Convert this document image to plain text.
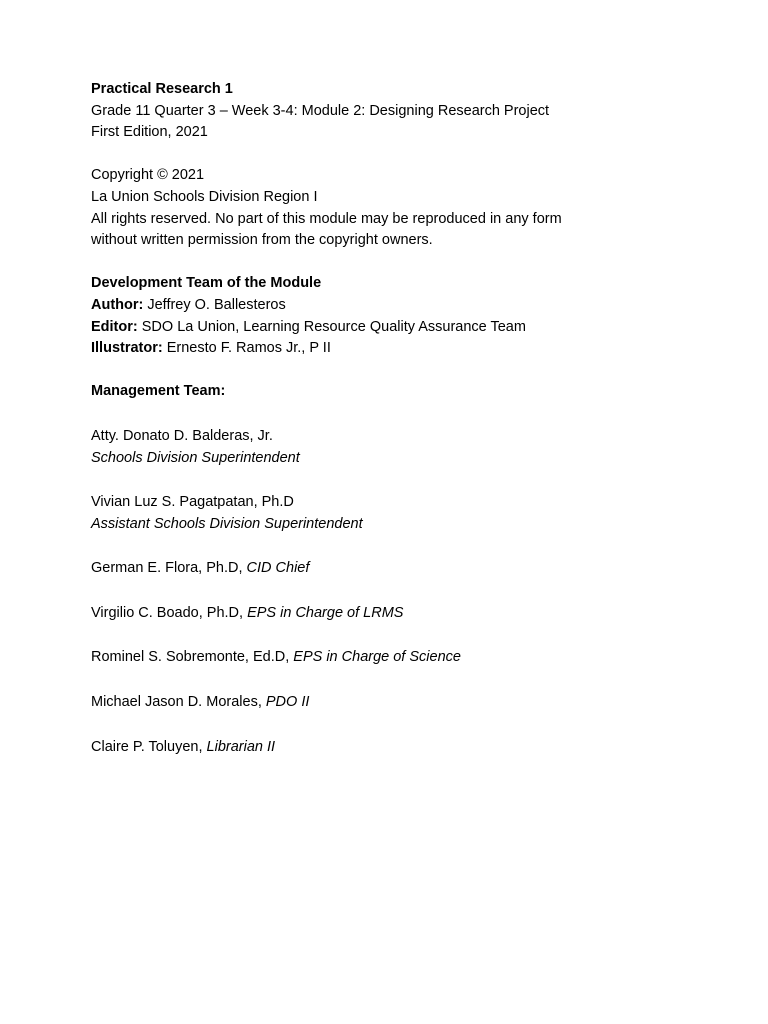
Practical Research 1

Grade 11 Quarter 3 – Week 3-4: Module 2: Designing Research Project

First Edition, 2021

Copyright © 2021

La Union Schools Division Region I

All rights reserved. No part of this module may be reproduced in any form

without written permission from the copyright owners.

Development Team of the Module

Author: Jeffrey O. Ballesteros

Editor: SDO La Union, Learning Resource Quality Assurance Team

Illustrator: Ernesto F. Ramos Jr., P II

Management Team:

Atty. Donato D. Balderas, Jr.

Schools Division Superintendent

Vivian Luz S. Pagatpatan, Ph.D

Assistant Schools Division Superintendent

German E. Flora, Ph.D, CID Chief

Virgilio C. Boado, Ph.D, EPS in Charge of LRMS

Rominel S. Sobremonte, Ed.D, EPS in Charge of Science

Michael Jason D. Morales, PDO II

Claire P. Toluyen, Librarian II
